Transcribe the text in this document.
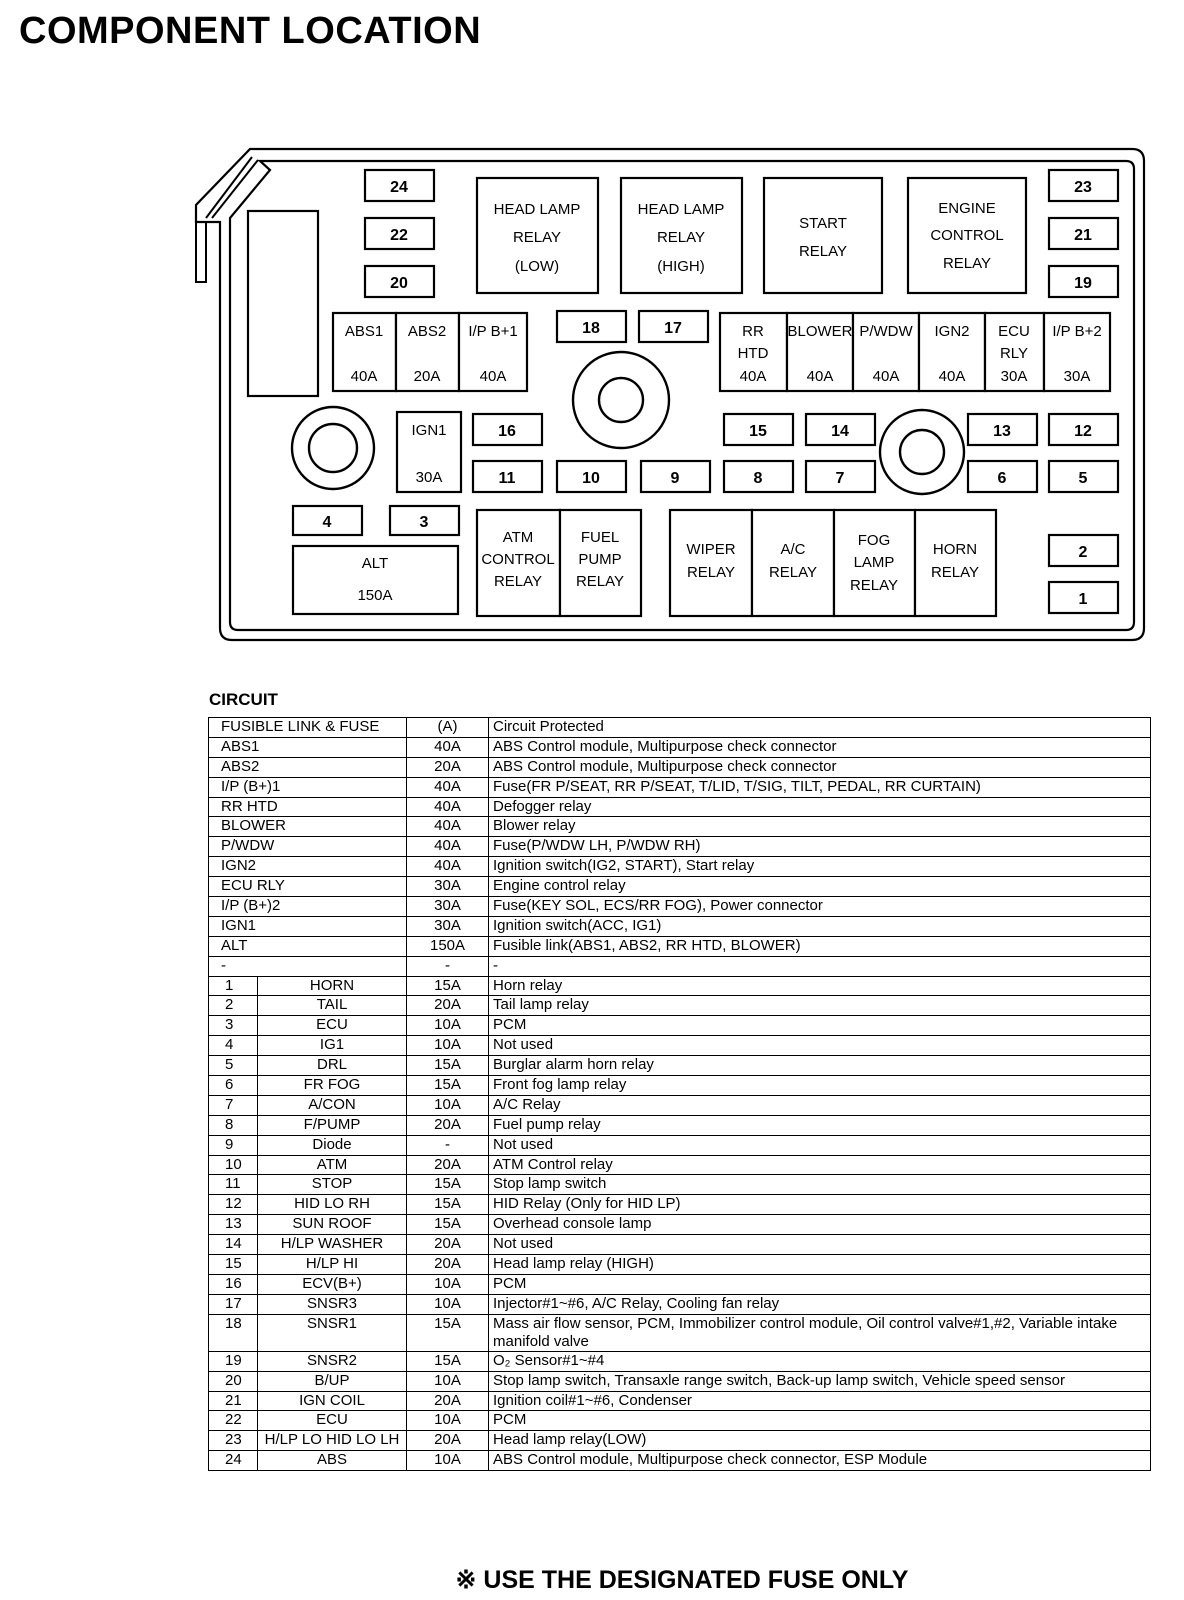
COMPONENT LOCATION
24
22
20
23
21
19
18	17
16	15	14	13	12
11	10	9	8	7	6	5
4	3
2
1
ABS1
40A
ABS2
20A
I/P B+1
40A
RR
HTD
40A
BLOWER
40A
P/WDW
40A
IGN2
40A
ECU
RLY
30A
I/P B+2
30A
IGN1
30A
ALT
150A
HEAD LAMP
RELAY
(LOW)
HEAD LAMP
RELAY
(HIGH)
START
RELAY
ENGINE
CONTROL
RELAY
ATM
CONTROL
RELAY
FUEL
PUMP
RELAY
WIPER
RELAY
A/C
RELAY
FOG
LAMP
RELAY
HORN
RELAY
CIRCUIT
FUSIBLE LINK & FUSE		(A)	Circuit Protected
ABS1		40A	ABS Control module, Multipurpose check connector
ABS2		20A	ABS Control module, Multipurpose check connector
I/P (B+)1		40A	Fuse(FR P/SEAT, RR P/SEAT, T/LID, T/SIG, TILT, PEDAL, RR CURTAIN)
RR HTD		40A	Defogger relay
BLOWER		40A	Blower relay
P/WDW		40A	Fuse(P/WDW LH, P/WDW RH)
IGN2		40A	Ignition switch(IG2, START), Start relay
ECU RLY		30A	Engine control relay
I/P (B+)2		30A	Fuse(KEY SOL, ECS/RR FOG), Power connector
IGN1		30A	Ignition switch(ACC, IG1)
ALT		150A	Fusible link(ABS1, ABS2, RR HTD, BLOWER)
-		-	-
1	HORN	15A	Horn relay
2	TAIL	20A	Tail lamp relay
3	ECU	10A	PCM
4	IG1	10A	Not used
5	DRL	15A	Burglar alarm horn relay
6	FR FOG	15A	Front fog lamp relay
7	A/CON	10A	A/C Relay
8	F/PUMP	20A	Fuel pump relay
9	Diode	-	Not used
10	ATM	20A	ATM Control relay
11	STOP	15A	Stop lamp switch
12	HID LO RH	15A	HID Relay (Only for HID LP)
13	SUN ROOF	15A	Overhead console lamp
14	H/LP WASHER	20A	Not used
15	H/LP HI	20A	Head lamp relay (HIGH)
16	ECV(B+)	10A	PCM
17	SNSR3	10A	Injector#1~#6, A/C Relay, Cooling fan relay
18	SNSR1	15A	Mass air flow sensor, PCM, Immobilizer control module, Oil control valve#1,#2, Variable intake manifold valve
19	SNSR2	15A	O₂ Sensor#1~#4
20	B/UP	10A	Stop lamp switch, Transaxle range switch, Back-up lamp switch, Vehicle speed sensor
21	IGN COIL	20A	Ignition coil#1~#6, Condenser
22	ECU	10A	PCM
23	H/LP LO HID LO LH	20A	Head lamp relay(LOW)
24	ABS	10A	ABS Control module, Multipurpose check connector, ESP Module
※ USE THE DESIGNATED FUSE ONLY
